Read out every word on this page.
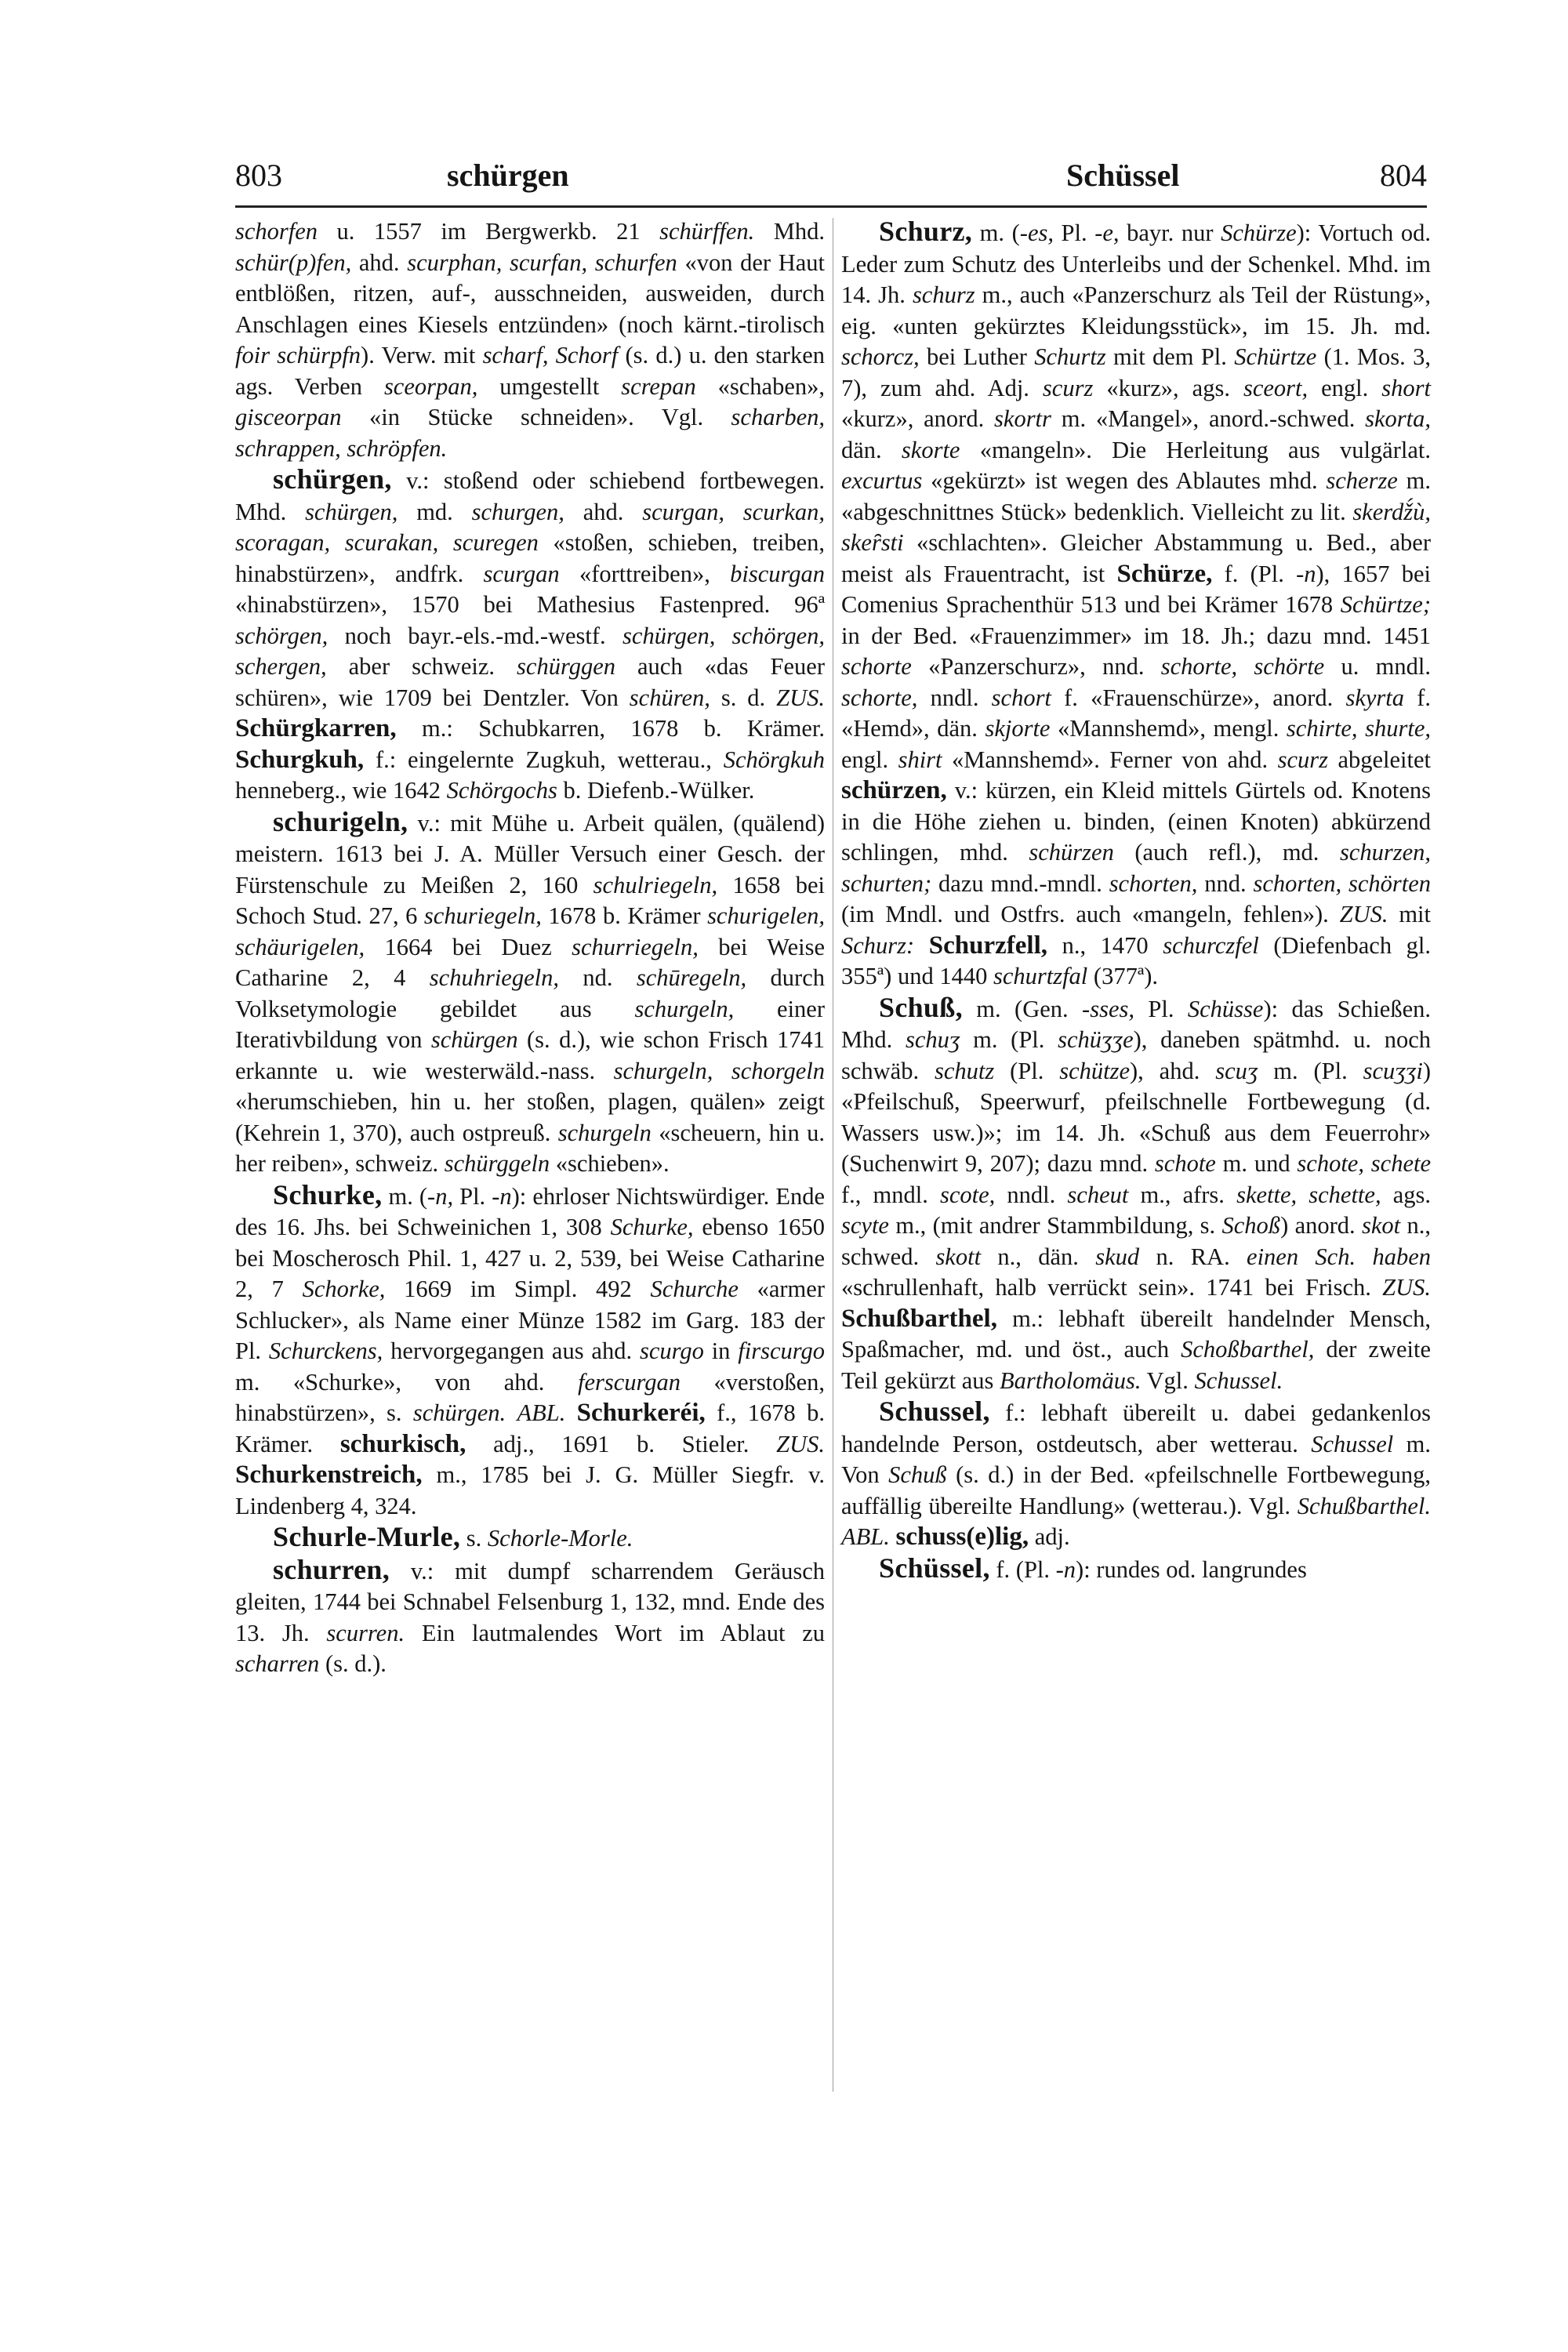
803	schürgen	Schüssel	804

schorfen u. 1557 im Bergwerkb. 21 schürffen. Mhd. schür(p)fen, ahd. scurphan, scurfan, schurfen «von der Haut entblößen, ritzen, auf-, ausschneiden, ausweiden, durch Anschlagen eines Kiesels entzünden» (noch kärnt.-tirolisch foir schürpfn). Verw. mit scharf, Schorf (s. d.) u. den starken ags. Verben sceorpan, umgestellt screpan «schaben», gisceorpan «in Stücke schneiden». Vgl. scharben, schrappen, schröpfen.

schürgen, v.: stoßend oder schiebend fortbewegen. Mhd. schürgen, md. schurgen, ahd. scurgan, scurkan, scoragan, scurakan, scuregen «stoßen, schieben, treiben, hinabstürzen», andfrk. scurgan «forttreiben», biscurgan «hinabstürzen», 1570 bei Mathesius Fastenpred. 96ª schörgen, noch bayr.-els.-md.-westf. schürgen, schörgen, schergen, aber schweiz. schürggen auch «das Feuer schüren», wie 1709 bei Dentzler. Von schüren, s. d. ZUS. Schürgkarren, m.: Schubkarren, 1678 b. Krämer. Schurgkuh, f.: eingelernte Zugkuh, wetterau., Schörgkuh henneberg., wie 1642 Schörgochs b. Diefenb.-Wülker.

schurigeln, v.: mit Mühe u. Arbeit quälen, (quälend) meistern. 1613 bei J. A. Müller Versuch einer Gesch. der Fürstenschule zu Meißen 2, 160 schulriegeln, 1658 bei Schoch Stud. 27, 6 schuriegeln, 1678 b. Krämer schurigelen, schäurigelen, 1664 bei Duez schurriegeln, bei Weise Catharine 2, 4 schuhriegeln, nd. schūregeln, durch Volksetymologie gebildet aus schurgeln, einer Iterativbildung von schürgen (s. d.), wie schon Frisch 1741 erkannte u. wie westerwäld.-nass. schurgeln, schorgeln «herumschieben, hin u. her stoßen, plagen, quälen» zeigt (Kehrein 1, 370), auch ostpreuß. schurgeln «scheuern, hin u. her reiben», schweiz. schürggeln «schieben».

Schurke, m. (-n, Pl. -n): ehrloser Nichtswürdiger. Ende des 16. Jhs. bei Schweinichen 1, 308 Schurke, ebenso 1650 bei Moscherosch Phil. 1, 427 u. 2, 539, bei Weise Catharine 2, 7 Schorke, 1669 im Simpl. 492 Schurche «armer Schlucker», als Name einer Münze 1582 im Garg. 183 der Pl. Schurckens, hervorgegangen aus ahd. scurgo in firscurgo m. «Schurke», von ahd. ferscurgan «verstoßen, hinabstürzen», s. schürgen. ABL. Schurkeréi, f., 1678 b. Krämer. schurkisch, adj., 1691 b. Stieler. ZUS. Schurkenstreich, m., 1785 bei J. G. Müller Siegfr. v. Lindenberg 4, 324.

Schurle-Murle, s. Schorle-Morle.

schurren, v.: mit dumpf scharrendem Geräusch gleiten, 1744 bei Schnabel Felsenburg 1, 132, mnd. Ende des 13. Jh. scurren. Ein lautmalendes Wort im Ablaut zu scharren (s. d.).

Schurz, m. (-es, Pl. -e, bayr. nur Schürze): Vortuch od. Leder zum Schutz des Unterleibs und der Schenkel. Mhd. im 14. Jh. schurz m., auch «Panzerschurz als Teil der Rüstung», eig. «unten gekürztes Kleidungsstück», im 15. Jh. md. schorcz, bei Luther Schurtz mit dem Pl. Schürtze (1. Mos. 3, 7), zum ahd. Adj. scurz «kurz», ags. sceort, engl. short «kurz», anord. skortr m. «Mangel», anord.-schwed. skorta, dän. skorte «mangeln». Die Herleitung aus vulgärlat. excurtus «gekürzt» ist wegen des Ablautes mhd. scherze m. «abgeschnittnes Stück» bedenklich. Vielleicht zu lit. skerdž́ù, skeȓsti «schlachten». Gleicher Abstammung u. Bed., aber meist als Frauentracht, ist Schürze, f. (Pl. -n), 1657 bei Comenius Sprachenthür 513 und bei Krämer 1678 Schürtze; in der Bed. «Frauenzimmer» im 18. Jh.; dazu mnd. 1451 schorte «Panzerschurz», nnd. schorte, schörte u. mndl. schorte, nndl. schort f. «Frauenschürze», anord. skyrta f. «Hemd», dän. skjorte «Mannshemd», mengl. schirte, shurte, engl. shirt «Mannshemd». Ferner von ahd. scurz abgeleitet schürzen, v.: kürzen, ein Kleid mittels Gürtels od. Knotens in die Höhe ziehen u. binden, (einen Knoten) abkürzend schlingen, mhd. schürzen (auch refl.), md. schurzen, schurten; dazu mnd.-mndl. schorten, nnd. schorten, schörten (im Mndl. und Ostfrs. auch «mangeln, fehlen»). ZUS. mit Schurz: Schurzfell, n., 1470 schurczfel (Diefenbach gl. 355ª) und 1440 schurtzfal (377ª).

Schuß, m. (Gen. -sses, Pl. Schüsse): das Schießen. Mhd. schuʒ m. (Pl. schüʒʒe), daneben spätmhd. u. noch schwäb. schutz (Pl. schütze), ahd. scuʒ m. (Pl. scuʒʒi) «Pfeilschuß, Speerwurf, pfeilschnelle Fortbewegung (d. Wassers usw.)»; im 14. Jh. «Schuß aus dem Feuerrohr» (Suchenwirt 9, 207); dazu mnd. schote m. und schote, schete f., mndl. scote, nndl. scheut m., afrs. skette, schette, ags. scyte m., (mit andrer Stammbildung, s. Schoß) anord. skot n., schwed. skott n., dän. skud n. RA. einen Sch. haben «schrullenhaft, halb verrückt sein». 1741 bei Frisch. ZUS. Schußbarthel, m.: lebhaft übereilt handelnder Mensch, Spaßmacher, md. und öst., auch Schoßbarthel, der zweite Teil gekürzt aus Bartholomäus. Vgl. Schussel.

Schussel, f.: lebhaft übereilt u. dabei gedankenlos handelnde Person, ostdeutsch, aber wetterau. Schussel m. Von Schuß (s. d.) in der Bed. «pfeilschnelle Fortbewegung, auffällig übereilte Handlung» (wetterau.). Vgl. Schußbarthel. ABL. schuss(e)lig, adj.

Schüssel, f. (Pl. -n): rundes od. langrundes
